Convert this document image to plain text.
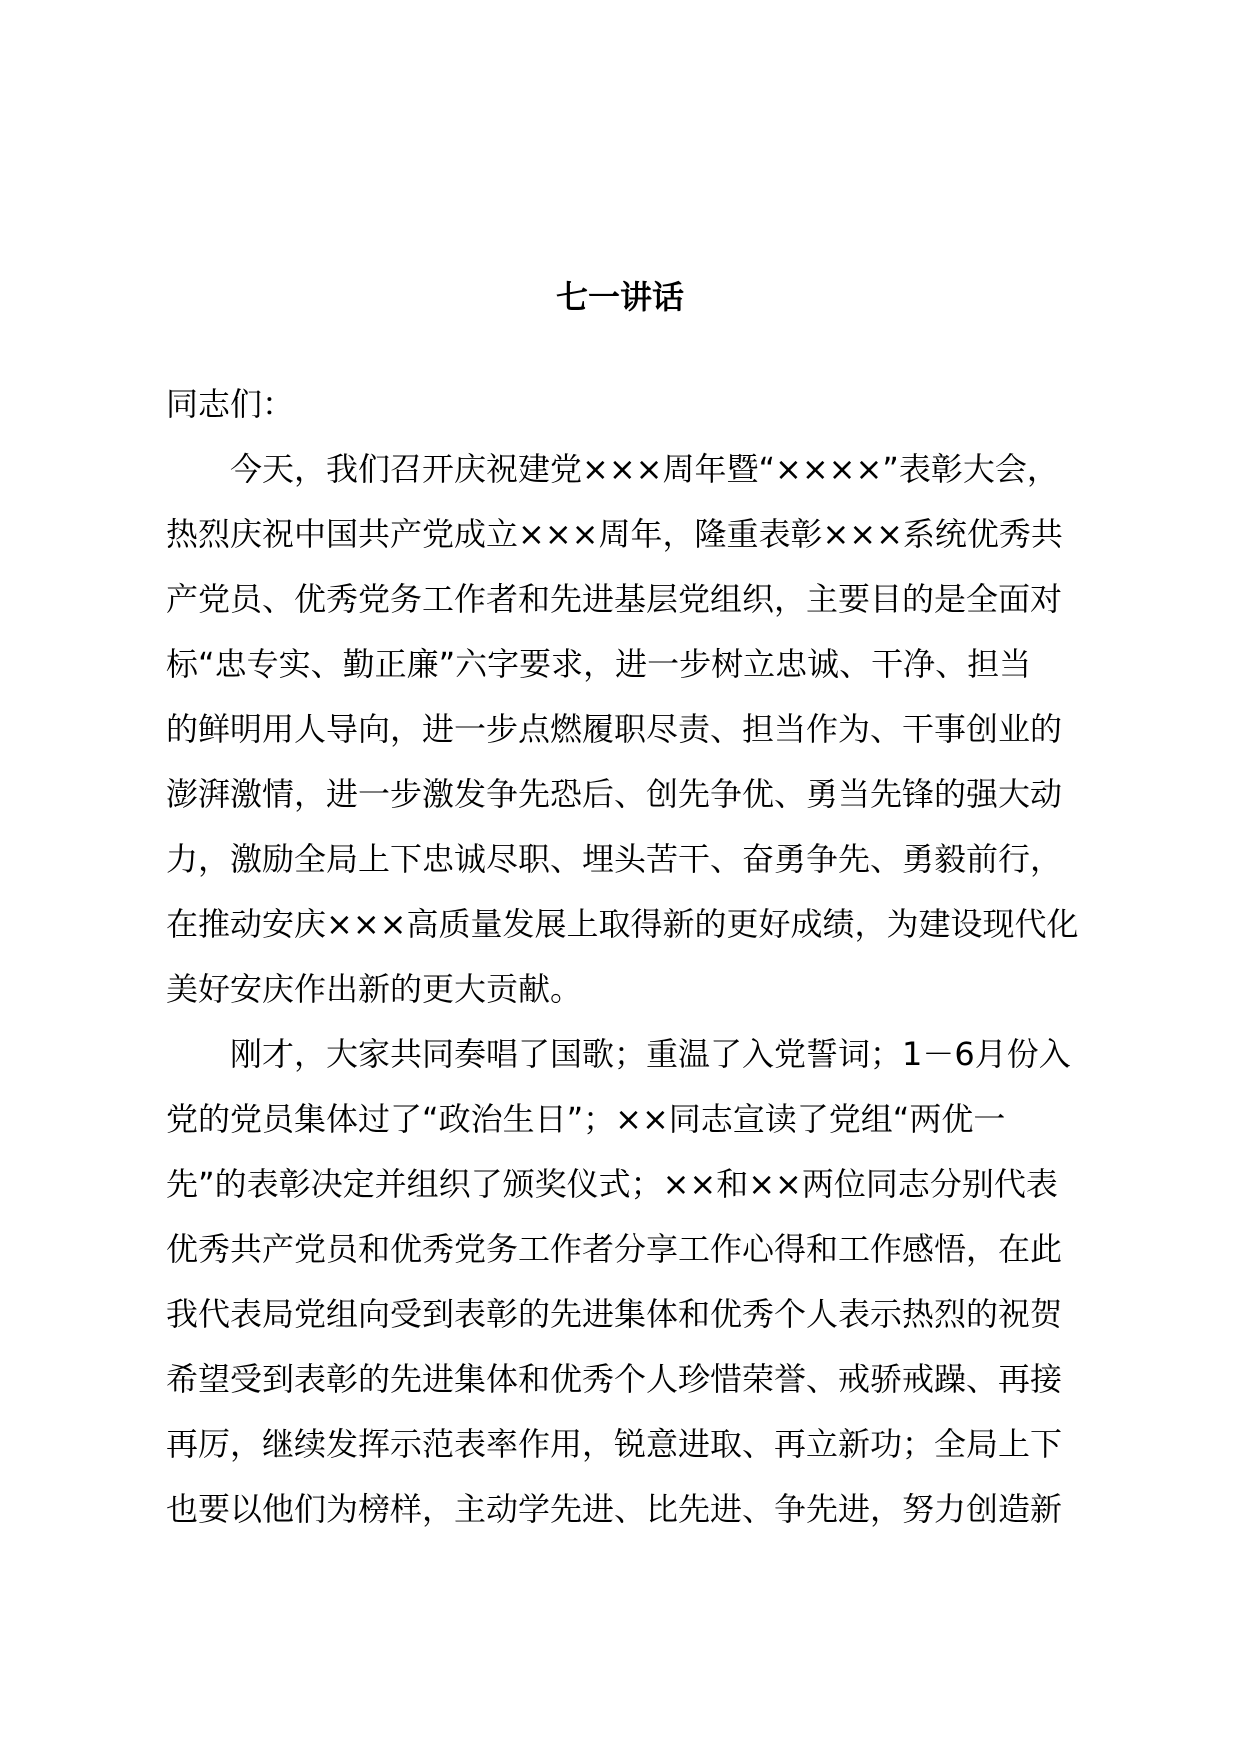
七一讲话

同志们：

今天，我们召开庆祝建党×××周年暨“××××”表彰大会，
热烈庆祝中国共产党成立×××周年，隆重表彰×××系统优秀共
产党员、优秀党务工作者和先进基层党组织，主要目的是全面对
标“忠专实、勤正廉”六字要求，进一步树立忠诚、干净、担当
的鲜明用人导向，进一步点燃履职尽责、担当作为、干事创业的
澎湃激情，进一步激发争先恐后、创先争优、勇当先锋的强大动
力，激励全局上下忠诚尽职、埋头苦干、奋勇争先、勇毅前行，
在推动安庆×××高质量发展上取得新的更好成绩，为建设现代化
美好安庆作出新的更大贡献。

刚才，大家共同奏唱了国歌；重温了入党誓词；1－6月份入
党的党员集体过了“政治生日”；××同志宣读了党组“两优一
先”的表彰决定并组织了颁奖仪式；××和××两位同志分别代表
优秀共产党员和优秀党务工作者分享工作心得和工作感悟，在此
我代表局党组向受到表彰的先进集体和优秀个人表示热烈的祝贺
希望受到表彰的先进集体和优秀个人珍惜荣誉、戒骄戒躁、再接
再厉，继续发挥示范表率作用，锐意进取、再立新功；全局上下
也要以他们为榜样，主动学先进、比先进、争先进，努力创造新
